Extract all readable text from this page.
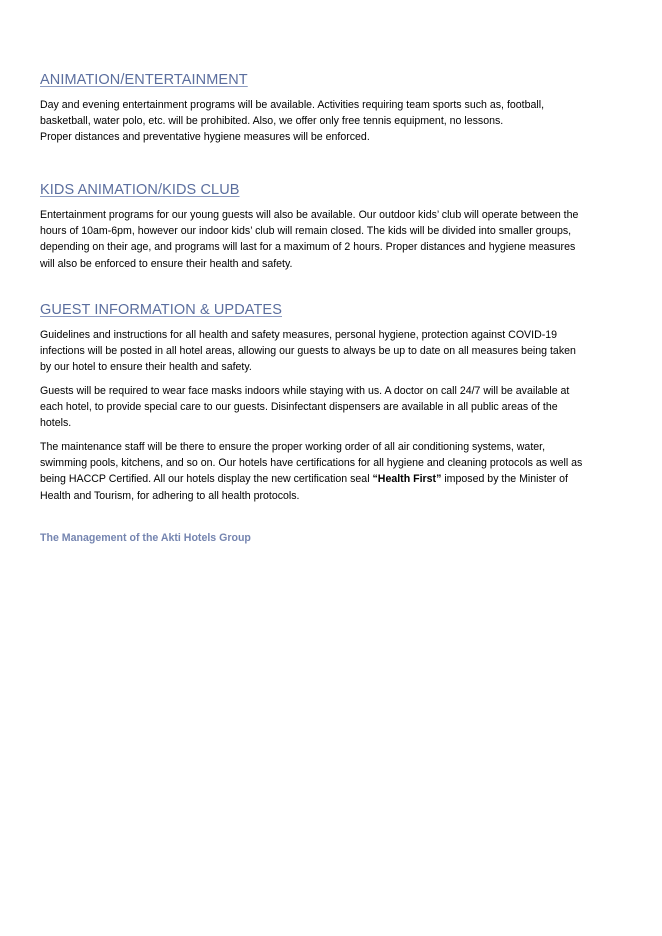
ANIMATION/ENTERTAINMENT

Day and evening entertainment programs will be available. Activities requiring team sports such as, football,
basketball, water polo, etc. will be prohibited. Also, we offer only free tennis equipment, no lessons.
Proper distances and preventative hygiene measures will be enforced.

KIDS ANIMATION/KIDS CLUB

Entertainment programs for our young guests will also be available. Our outdoor kids’ club will operate between the
hours of 10am-6pm, however our indoor kids’ club will remain closed. The kids will be divided into smaller groups,
depending on their age, and programs will last for a maximum of 2 hours. Proper distances and hygiene measures
will also be enforced to ensure their health and safety.

GUEST INFORMATION & UPDATES

Guidelines and instructions for all health and safety measures, personal hygiene, protection against COVID-19
infections will be posted in all hotel areas, allowing our guests to always be up to date on all measures being taken
by our hotel to ensure their health and safety.

Guests will be required to wear face masks indoors while staying with us. A doctor on call 24/7 will be available at
each hotel, to provide special care to our guests. Disinfectant dispensers are available in all public areas of the
hotels.

The maintenance staff will be there to ensure the proper working order of all air conditioning systems, water,
swimming pools, kitchens, and so on. Our hotels have certifications for all hygiene and cleaning protocols as well as
being HACCP Certified. All our hotels display the new certification seal “Health First” imposed by the Minister of
Health and Tourism, for adhering to all health protocols.

The Management of the Akti Hotels Group
